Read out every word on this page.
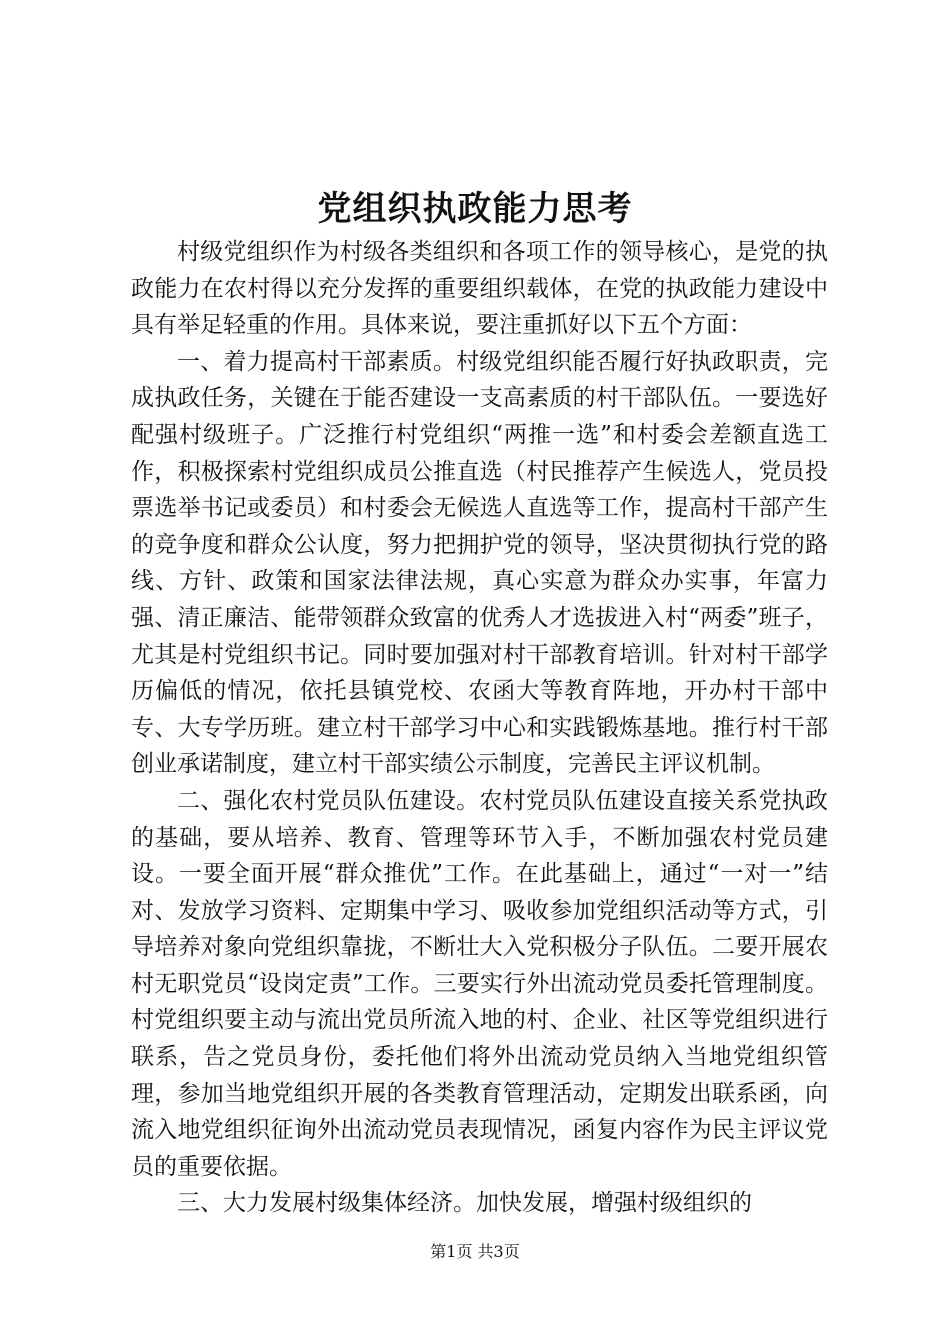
党组织执政能力思考

村级党组织作为村级各类组织和各项工作的领导核心，是党的执政能力在农村得以充分发挥的重要组织载体，在党的执政能力建设中具有举足轻重的作用。具体来说，要注重抓好以下五个方面：

一、着力提高村干部素质。村级党组织能否履行好执政职责，完成执政任务，关键在于能否建设一支高素质的村干部队伍。一要选好配强村级班子。广泛推行村党组织“两推一选”和村委会差额直选工作，积极探索村党组织成员公推直选（村民推荐产生候选人，党员投票选举书记或委员）和村委会无候选人直选等工作，提高村干部产生的竞争度和群众公认度，努力把拥护党的领导，坚决贯彻执行党的路线、方针、政策和国家法律法规，真心实意为群众办实事，年富力强、清正廉洁、能带领群众致富的优秀人才选拔进入村“两委”班子，尤其是村党组织书记。同时要加强对村干部教育培训。针对村干部学历偏低的情况，依托县镇党校、农函大等教育阵地，开办村干部中专、大专学历班。建立村干部学习中心和实践锻炼基地。推行村干部创业承诺制度，建立村干部实绩公示制度，完善民主评议机制。

二、强化农村党员队伍建设。农村党员队伍建设直接关系党执政的基础，要从培养、教育、管理等环节入手，不断加强农村党员建设。一要全面开展“群众推优”工作。在此基础上，通过“一对一”结对、发放学习资料、定期集中学习、吸收参加党组织活动等方式，引导培养对象向党组织靠拢，不断壮大入党积极分子队伍。二要开展农村无职党员“设岗定责”工作。三要实行外出流动党员委托管理制度。村党组织要主动与流出党员所流入地的村、企业、社区等党组织进行联系，告之党员身份，委托他们将外出流动党员纳入当地党组织管理，参加当地党组织开展的各类教育管理活动，定期发出联系函，向流入地党组织征询外出流动党员表现情况，函复内容作为民主评议党员的重要依据。

三、大力发展村级集体经济。加快发展，增强村级组织的

第1页 共3页
